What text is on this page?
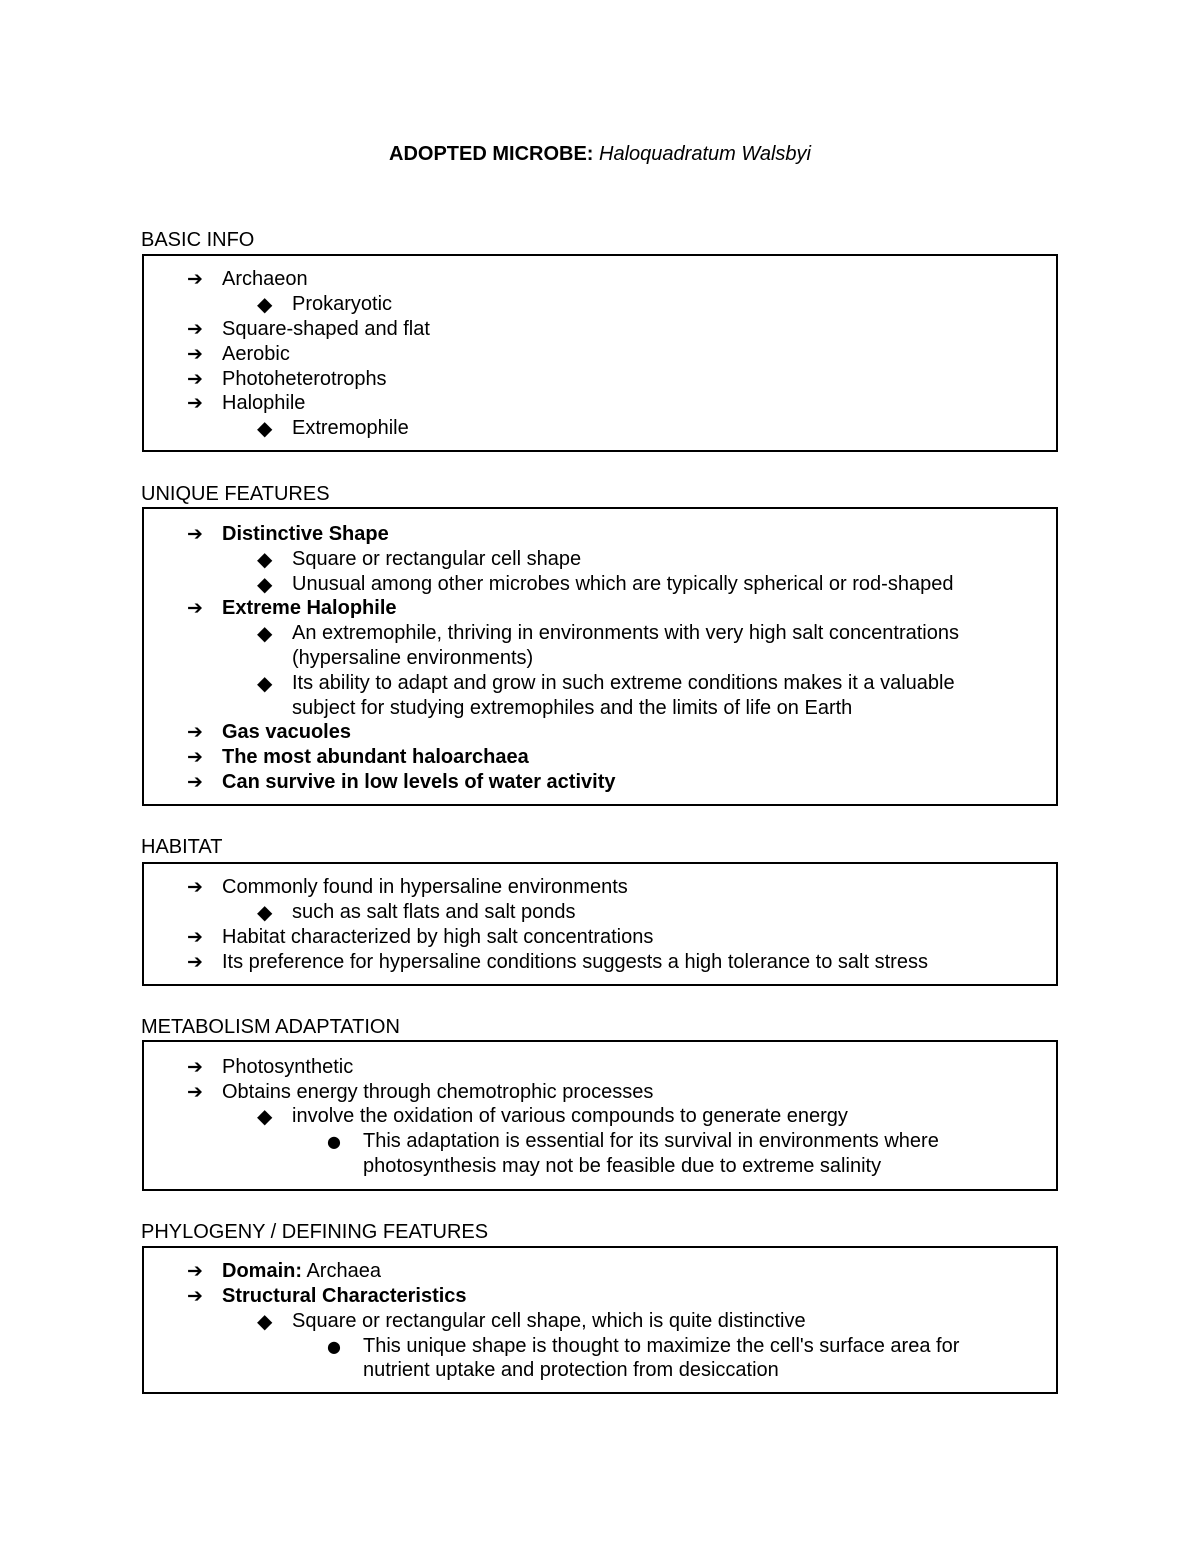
ADOPTED MICROBE: Haloquadratum Walsbyi
BASIC INFO
➔ Archaeon
◆ Prokaryotic
➔ Square-shaped and flat
➔ Aerobic
➔ Photoheterotrophs
➔ Halophile
◆ Extremophile
UNIQUE FEATURES
➔ Distinctive Shape
◆ Square or rectangular cell shape
◆ Unusual among other microbes which are typically spherical or rod-shaped
➔ Extreme Halophile
◆ An extremophile, thriving in environments with very high salt concentrations
(hypersaline environments)
◆ Its ability to adapt and grow in such extreme conditions makes it a valuable
subject for studying extremophiles and the limits of life on Earth
➔ Gas vacuoles
➔ The most abundant haloarchaea
➔ Can survive in low levels of water activity
HABITAT
➔ Commonly found in hypersaline environments
◆ such as salt flats and salt ponds
➔ Habitat characterized by high salt concentrations
➔ Its preference for hypersaline conditions suggests a high tolerance to salt stress
METABOLISM ADAPTATION
➔ Photosynthetic
➔ Obtains energy through chemotrophic processes
◆ involve the oxidation of various compounds to generate energy
● This adaptation is essential for its survival in environments where
photosynthesis may not be feasible due to extreme salinity
PHYLOGENY / DEFINING FEATURES
➔ Domain: Archaea
➔ Structural Characteristics
◆ Square or rectangular cell shape, which is quite distinctive
● This unique shape is thought to maximize the cell's surface area for
nutrient uptake and protection from desiccation
